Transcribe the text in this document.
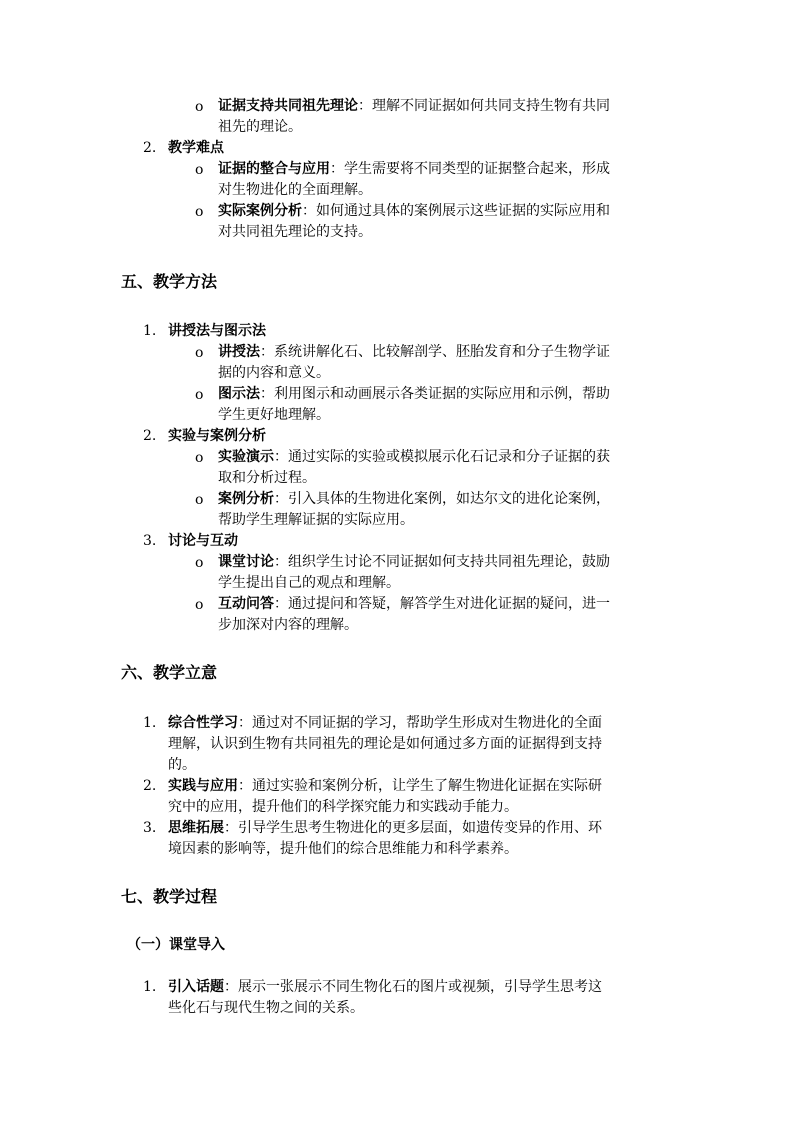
o 证据支持共同祖先理论：理解不同证据如何共同支持生物有共同
祖先的理论。
2. 教学难点
o 证据的整合与应用：学生需要将不同类型的证据整合起来，形成
对生物进化的全面理解。
o 实际案例分析：如何通过具体的案例展示这些证据的实际应用和
对共同祖先理论的支持。
五、教学方法
1. 讲授法与图示法
o 讲授法：系统讲解化石、比较解剖学、胚胎发育和分子生物学证
据的内容和意义。
o 图示法：利用图示和动画展示各类证据的实际应用和示例，帮助
学生更好地理解。
2. 实验与案例分析
o 实验演示：通过实际的实验或模拟展示化石记录和分子证据的获
取和分析过程。
o 案例分析：引入具体的生物进化案例，如达尔文的进化论案例，
帮助学生理解证据的实际应用。
3. 讨论与互动
o 课堂讨论：组织学生讨论不同证据如何支持共同祖先理论，鼓励
学生提出自己的观点和理解。
o 互动问答：通过提问和答疑，解答学生对进化证据的疑问，进一
步加深对内容的理解。
六、教学立意
1. 综合性学习：通过对不同证据的学习，帮助学生形成对生物进化的全面
理解，认识到生物有共同祖先的理论是如何通过多方面的证据得到支持
的。
2. 实践与应用：通过实验和案例分析，让学生了解生物进化证据在实际研
究中的应用，提升他们的科学探究能力和实践动手能力。
3. 思维拓展：引导学生思考生物进化的更多层面，如遗传变异的作用、环
境因素的影响等，提升他们的综合思维能力和科学素养。
七、教学过程
（一）课堂导入
1. 引入话题：展示一张展示不同生物化石的图片或视频，引导学生思考这
些化石与现代生物之间的关系。
